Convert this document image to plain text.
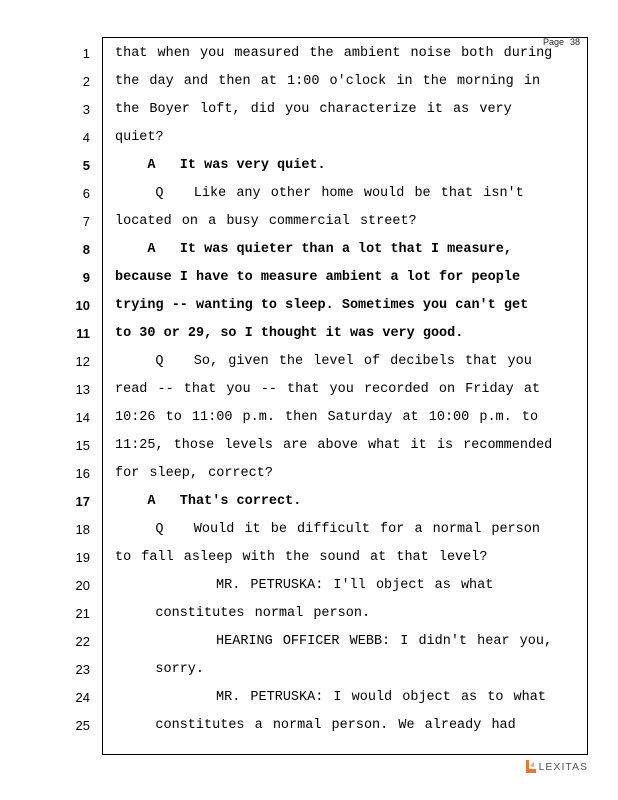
Page 38
1 that when you measured the ambient noise both during
2 the day and then at 1:00 o'clock in the morning in
3 the Boyer loft, did you characterize it as very
4 quiet?
5 A   It was very quiet.
6 Q   Like any other home would be that isn't
7 located on a busy commercial street?
8 A   It was quieter than a lot that I measure,
9 because I have to measure ambient a lot for people
10 trying -- wanting to sleep. Sometimes you can't get
11 to 30 or 29, so I thought it was very good.
12 Q   So, given the level of decibels that you
13 read -- that you -- that you recorded on Friday at
14 10:26 to 11:00 p.m. then Saturday at 10:00 p.m. to
15 11:25, those levels are above what it is recommended
16 for sleep, correct?
17 A   That's correct.
18 Q   Would it be difficult for a normal person
19 to fall asleep with the sound at that level?
20 MR. PETRUSKA: I'll object as what
21 constitutes normal person.
22 HEARING OFFICER WEBB: I didn't hear you,
23 sorry.
24 MR. PETRUSKA: I would object as to what
25 constitutes a normal person. We already had
LEXITAS
